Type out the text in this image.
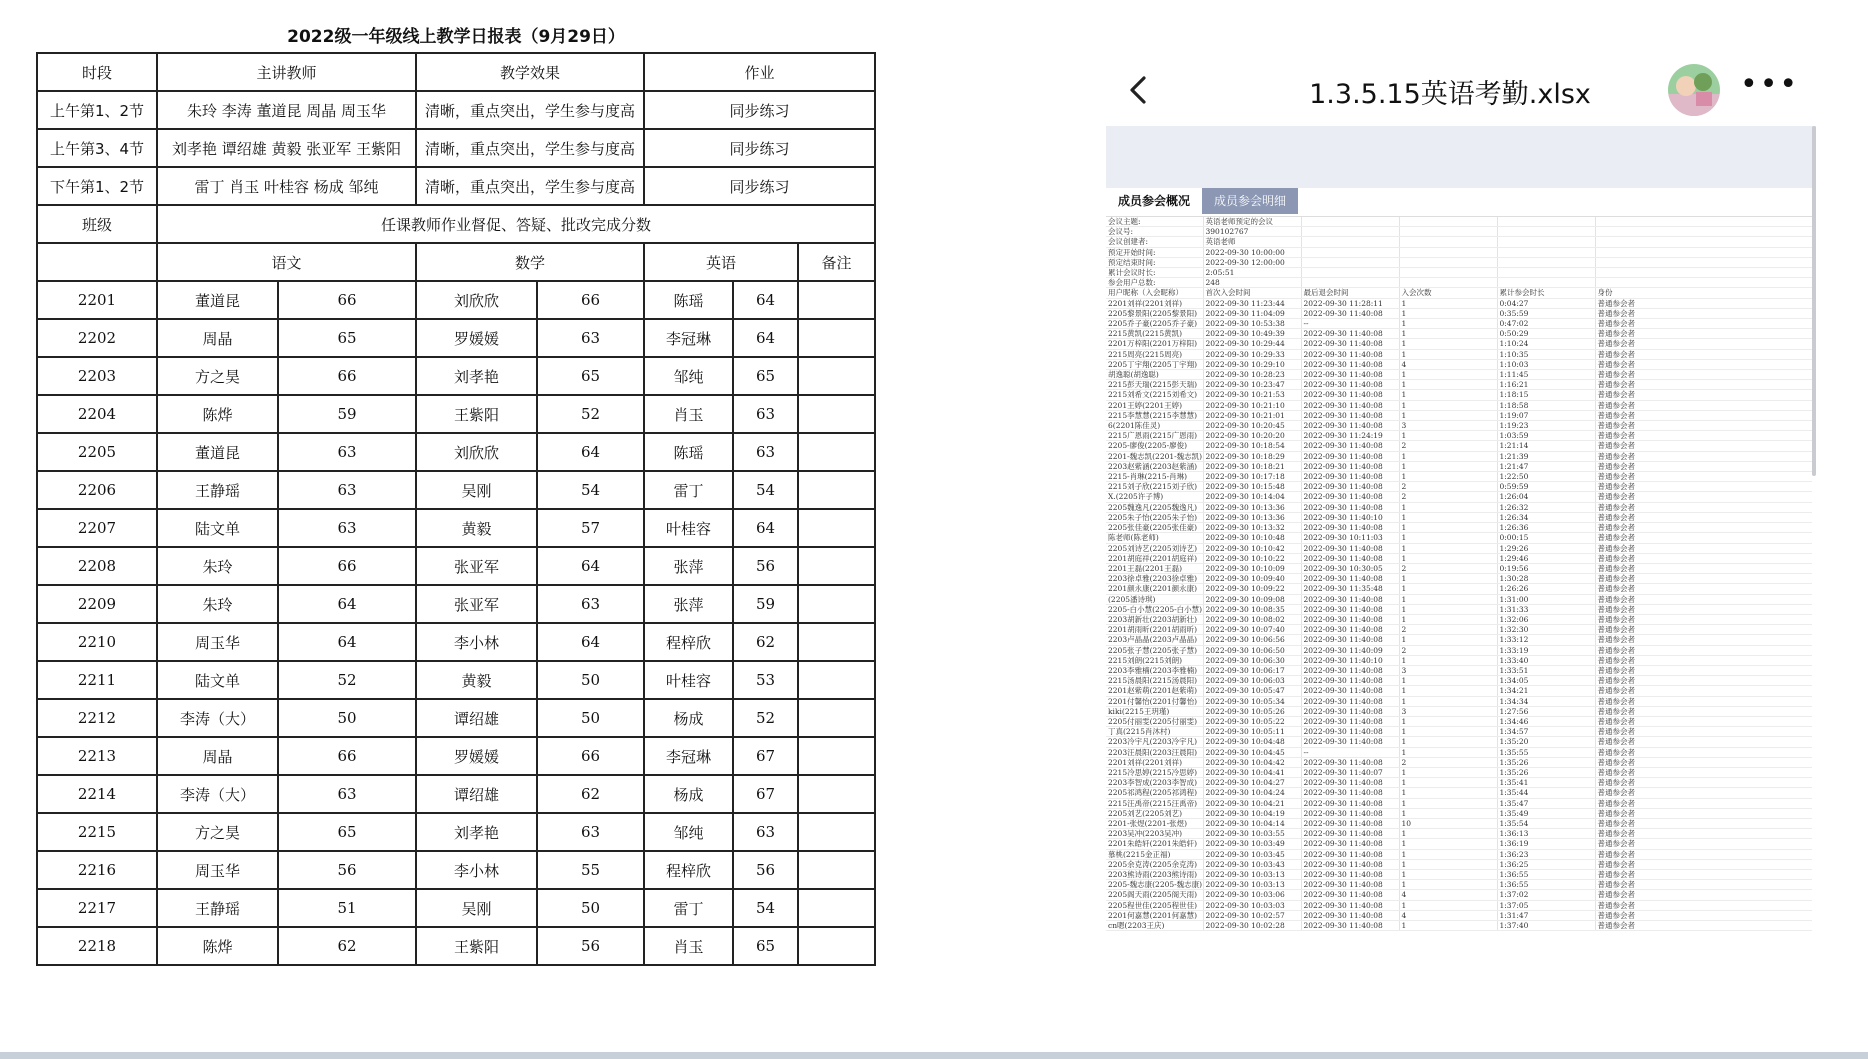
2022级一年级线上教学日报表（9月29日）							
时段	主讲教师		教学效果		作业		
上午第1、2节	朱玲 李涛 董道昆 周晶 周玉华		清晰，重点突出，学生参与度高		同步练习		
上午第3、4节	刘孝艳 谭绍雄 黄毅 张亚军 王紫阳		清晰，重点突出，学生参与度高		同步练习		
下午第1、2节	雷丁 肖玉 叶桂容 杨成 邹纯		清晰，重点突出，学生参与度高		同步练习		
班级	任课教师作业督促、答疑、批改完成分数						
	语文		数学		英语		备注
2201	董道昆	66	刘欣欣	66	陈瑶	64	
2202	周晶	65	罗媛媛	63	李冠琳	64	
2203	方之昊	66	刘孝艳	65	邹纯	65	
2204	陈烨	59	王紫阳	52	肖玉	63	
2205	董道昆	63	刘欣欣	64	陈瑶	63	
2206	王静瑶	63	吴刚	54	雷丁	54	
2207	陆文单	63	黄毅	57	叶桂容	64	
2208	朱玲	66	张亚军	64	张萍	56	
2209	朱玲	64	张亚军	63	张萍	59	
2210	周玉华	64	李小林	64	程梓欣	62	
2211	陆文单	52	黄毅	50	叶桂容	53	
2212	李涛（大）	50	谭绍雄	50	杨成	52	
2213	周晶	66	罗媛媛	66	李冠琳	67	
2214	李涛（大）	63	谭绍雄	62	杨成	67	
2215	方之昊	65	刘孝艳	63	邹纯	63	
2216	周玉华	56	李小林	55	程梓欣	56	
2217	王静瑶	51	吴刚	50	雷丁	54	
2218	陈烨	62	王紫阳	56	肖玉	65	
1.3.5.15英语考勤.xlsx	•••
成员参会概况	成员参会明细
会议主题:	英语老师预定的会议				
会议号:	390102767				
会议创建者:	英语老师				
预定开始时间:	2022-09-30 10:00:00				
预定结束时间:	2022-09-30 12:00:00				
累计会议时长:	2:05:51				
参会用户总数:	248				
用户昵称（入会昵称）	首次入会时间	最后退会时间	入会次数	累计参会时长	身份
2201刘祥(2201刘祥)	2022-09-30 11:23:44	2022-09-30 11:28:11	1	0:04:27	普通参会者
2205黎景阳(2205黎景阳)	2022-09-30 11:04:09	2022-09-30 11:40:08	1	0:35:59	普通参会者
2205乔子豪(2205乔子豪)	2022-09-30 10:53:38	--	1	0:47:02	普通参会者
2215黄凯(2215黄凯)	2022-09-30 10:49:39	2022-09-30 11:40:08	1	0:50:29	普通参会者
2201万梓阳(2201万梓阳)	2022-09-30 10:29:44	2022-09-30 11:40:08	1	1:10:24	普通参会者
2215周亮(2215周亮)	2022-09-30 10:29:33	2022-09-30 11:40:08	1	1:10:35	普通参会者
2205丁宇翔(2205丁宇翔)	2022-09-30 10:29:10	2022-09-30 11:40:08	4	1:10:03	普通参会者
胡逸聪(胡逸聪)	2022-09-30 10:28:23	2022-09-30 11:40:08	1	1:11:45	普通参会者
2215彭天瑞(2215彭天瑞)	2022-09-30 10:23:47	2022-09-30 11:40:08	1	1:16:21	普通参会者
2215刘希文(2215刘希文)	2022-09-30 10:21:53	2022-09-30 11:40:08	1	1:18:15	普通参会者
2201王婷(2201王婷)	2022-09-30 10:21:10	2022-09-30 11:40:08	1	1:18:58	普通参会者
2215李慧慧(2215李慧慧)	2022-09-30 10:21:01	2022-09-30 11:40:08	1	1:19:07	普通参会者
6(2201陈佳灵)	2022-09-30 10:20:45	2022-09-30 11:40:08	3	1:19:23	普通参会者
2215广恩雨(2215广恩雨)	2022-09-30 10:20:20	2022-09-30 11:24:19	1	1:03:59	普通参会者
2205-廖俊(2205-廖俊)	2022-09-30 10:18:54	2022-09-30 11:40:08	2	1:21:14	普通参会者
2201-魏志凯(2201-魏志凯)	2022-09-30 10:18:29	2022-09-30 11:40:08	1	1:21:39	普通参会者
2203赵紫涵(2203赵紫涵)	2022-09-30 10:18:21	2022-09-30 11:40:08	1	1:21:47	普通参会者
2215-肖琳(2215-肖琳)	2022-09-30 10:17:18	2022-09-30 11:40:08	1	1:22:50	普通参会者
2215刘子欣(2215刘子欣)	2022-09-30 10:15:48	2022-09-30 11:40:08	2	0:59:59	普通参会者
X.(2205许子博)	2022-09-30 10:14:04	2022-09-30 11:40:08	2	1:26:04	普通参会者
2205魏逸凡(2205魏逸凡)	2022-09-30 10:13:36	2022-09-30 11:40:08	1	1:26:32	普通参会者
2205朱子怡(2205朱子怡)	2022-09-30 10:13:36	2022-09-30 11:40:10	1	1:26:34	普通参会者
2205张佳豪(2205张佳豪)	2022-09-30 10:13:32	2022-09-30 11:40:08	1	1:26:36	普通参会者
陈老师(陈老师)	2022-09-30 10:10:48	2022-09-30 10:11:03	1	0:00:15	普通参会者
2205刘诗艺(2205刘诗艺)	2022-09-30 10:10:42	2022-09-30 11:40:08	1	1:29:26	普通参会者
2201胡庭祥(2201胡庭祥)	2022-09-30 10:10:22	2022-09-30 11:40:08	1	1:29:46	普通参会者
2201王磊(2201王磊)	2022-09-30 10:10:09	2022-09-30 10:30:05	2	0:19:56	普通参会者
2203徐卓雅(2203徐卓雅)	2022-09-30 10:09:40	2022-09-30 11:40:08	1	1:30:28	普通参会者
2201颜永康(2201颜永康)	2022-09-30 10:09:22	2022-09-30 11:35:48	1	1:26:26	普通参会者
(2205潘诗琪)	2022-09-30 10:09:08	2022-09-30 11:40:08	1	1:31:00	普通参会者
2205-白小慧(2205-白小慧)	2022-09-30 10:08:35	2022-09-30 11:40:08	1	1:31:33	普通参会者
2203胡新壮(2203胡新壮)	2022-09-30 10:08:02	2022-09-30 11:40:08	1	1:32:06	普通参会者
2201胡雨昕(2201胡雨昕)	2022-09-30 10:07:40	2022-09-30 11:40:08	2	1:32:30	普通参会者
2203卢晶晶(2203卢晶晶)	2022-09-30 10:06:56	2022-09-30 11:40:08	1	1:33:12	普通参会者
2205张子慧(2205张子慧)	2022-09-30 10:06:50	2022-09-30 11:40:09	2	1:33:19	普通参会者
2215刘朗(2215刘朗)	2022-09-30 10:06:30	2022-09-30 11:40:10	1	1:33:40	普通参会者
2203李雅楠(2203李雅楠)	2022-09-30 10:06:17	2022-09-30 11:40:08	3	1:33:51	普通参会者
2215汤晨阳(2215汤晨阳)	2022-09-30 10:06:03	2022-09-30 11:40:08	1	1:34:05	普通参会者
2201赵紫萌(2201赵紫萌)	2022-09-30 10:05:47	2022-09-30 11:40:08	1	1:34:21	普通参会者
2201付馨怡(2201付馨怡)	2022-09-30 10:05:34	2022-09-30 11:40:08	1	1:34:34	普通参会者
kiki(2215王玥瑾)	2022-09-30 10:05:26	2022-09-30 11:40:08	3	1:27:56	普通参会者
2205付丽雯(2205付丽雯)	2022-09-30 10:05:22	2022-09-30 11:40:08	1	1:34:46	普通参会者
丁真(2215肖沐村)	2022-09-30 10:05:11	2022-09-30 11:40:08	1	1:34:57	普通参会者
2203冷宇凡(2203冷宇凡)	2022-09-30 10:04:48	2022-09-30 11:40:08	1	1:35:20	普通参会者
2203汪晨阳(2203汪晨阳)	2022-09-30 10:04:45	--	1	1:35:55	普通参会者
2201刘祥(2201刘祥)	2022-09-30 10:04:42	2022-09-30 11:40:08	2	1:35:26	普通参会者
2215冷思婷(2215冷思婷)	2022-09-30 10:04:41	2022-09-30 11:40:07	1	1:35:26	普通参会者
2203李智成(2203李智成)	2022-09-30 10:04:27	2022-09-30 11:40:08	1	1:35:41	普通参会者
2205祁鸿程(2205祁鸿程)	2022-09-30 10:04:24	2022-09-30 11:40:08	1	1:35:44	普通参会者
2215汪禹帝(2215汪禹帝)	2022-09-30 10:04:21	2022-09-30 11:40:08	1	1:35:47	普通参会者
2205刘艺(2205刘艺)	2022-09-30 10:04:19	2022-09-30 11:40:08	1	1:35:49	普通参会者
2201-张煜(2201-张煜)	2022-09-30 10:04:14	2022-09-30 11:40:08	10	1:35:54	普通参会者
2203吴冲(2203吴冲)	2022-09-30 10:03:55	2022-09-30 11:40:08	1	1:36:13	普通参会者
2201朱皓轩(2201朱皓轩)	2022-09-30 10:03:49	2022-09-30 11:40:08	1	1:36:19	普通参会者
慕桃(2215金正福)	2022-09-30 10:03:45	2022-09-30 11:40:08	1	1:36:23	普通参会者
2205余克涛(2205余克涛)	2022-09-30 10:03:43	2022-09-30 11:40:08	1	1:36:25	普通参会者
2203熊诗雨(2203熊诗雨)	2022-09-30 10:03:13	2022-09-30 11:40:08	1	1:36:55	普通参会者
2205-魏志康(2205-魏志康)	2022-09-30 10:03:13	2022-09-30 11:40:08	1	1:36:55	普通参会者
2205阁天雨(2205阁天雨)	2022-09-30 10:03:06	2022-09-30 11:40:08	4	1:37:02	普通参会者
2205程世佳(2205程世佳)	2022-09-30 10:03:03	2022-09-30 11:40:08	1	1:37:05	普通参会者
2201何嘉慧(2201何嘉慧)	2022-09-30 10:02:57	2022-09-30 11:40:08	4	1:31:47	普通参会者
cn嗯(2203王庆)	2022-09-30 10:02:28	2022-09-30 11:40:08	1	1:37:40	普通参会者
